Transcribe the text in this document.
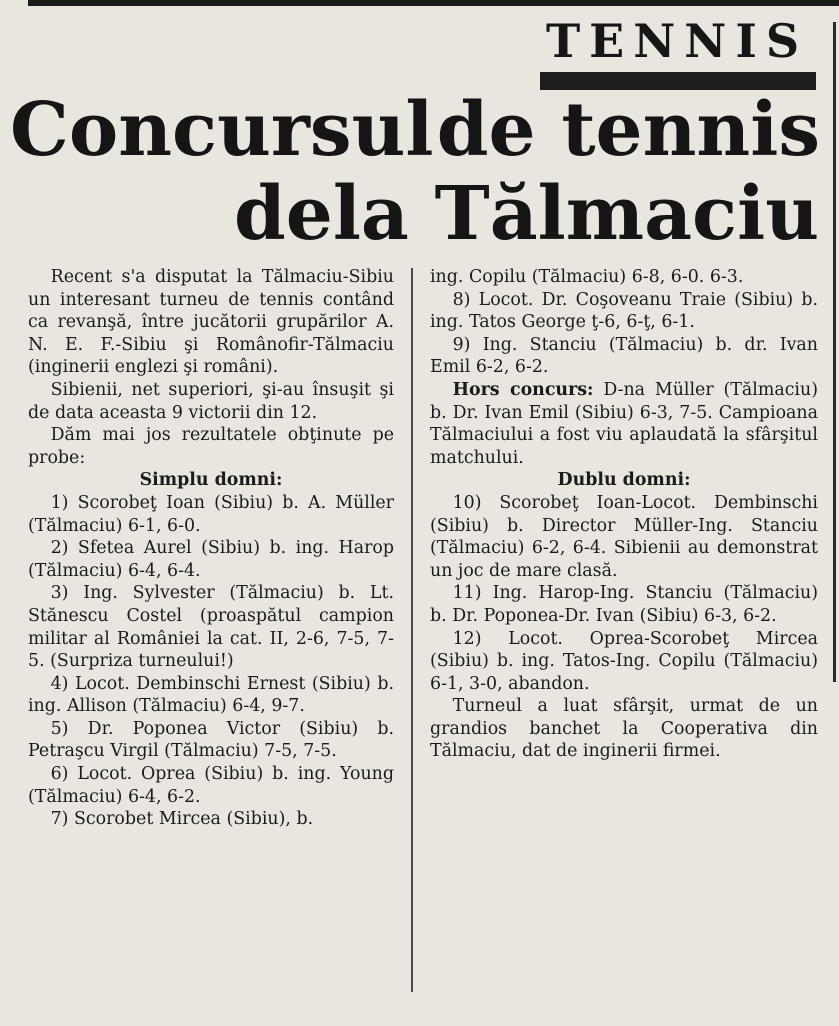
TENNIS
Concursul de tennis
dela Tălmaciu

Recent s'a disputat la Tălmaciu-Sibiu un interesant turneu de tennis contând ca revanşă, între jucătorii grupărilor A. N. E. F.-Sibiu şi Românofir-Tălmaciu (inginerii englezi şi români).

Sibienii, net superiori, şi-au însuşit şi de data aceasta 9 victorii din 12.

Dăm mai jos rezultatele obţinute pe probe:

Simplu domni:

1) Scorobeţ Ioan (Sibiu) b. A. Müller (Tălmaciu) 6-1, 6-0.

2) Sfetea Aurel (Sibiu) b. ing. Harop (Tălmaciu) 6-4, 6-4.

3) Ing. Sylvester (Tălmaciu) b. Lt. Stănescu Costel (proaspătul campion militar al României la cat. II, 2-6, 7-5, 7-5. (Surpriza turneului!)

4) Locot. Dembinschi Ernest (Sibiu) b. ing. Allison (Tălmaciu) 6-4, 9-7.

5) Dr. Poponea Victor (Sibiu) b. Petraşcu Virgil (Tălmaciu) 7-5, 7-5.

6) Locot. Oprea (Sibiu) b. ing. Young (Tălmaciu) 6-4, 6-2.

7) Scorobet Mircea (Sibiu), b.

ing. Copilu (Tălmaciu) 6-8, 6-0. 6-3.

8) Locot. Dr. Coşoveanu Traie (Sibiu) b. ing. Tatos George ţ-6, 6-ţ, 6-1.

9) Ing. Stanciu (Tălmaciu) b. dr. Ivan Emil 6-2, 6-2.

Hors concurs: D-na Müller (Tălmaciu) b. Dr. Ivan Emil (Sibiu) 6-3, 7-5. Campioana Tălmaciului a fost viu aplaudată la sfârşitul matchului.

Dublu domni:

10) Scorobeţ Ioan-Locot. Dembinschi (Sibiu) b. Director Müller-Ing. Stanciu (Tălmaciu) 6-2, 6-4. Sibienii au demonstrat un joc de mare clasă.

11) Ing. Harop-Ing. Stanciu (Tălmaciu) b. Dr. Poponea-Dr. Ivan (Sibiu) 6-3, 6-2.

12) Locot. Oprea-Scorobeţ Mircea (Sibiu) b. ing. Tatos-Ing. Copilu (Tălmaciu) 6-1, 3-0, abandon.

Turneul a luat sfârşit, urmat de un grandios banchet la Cooperativa din Tălmaciu, dat de inginerii firmei.
